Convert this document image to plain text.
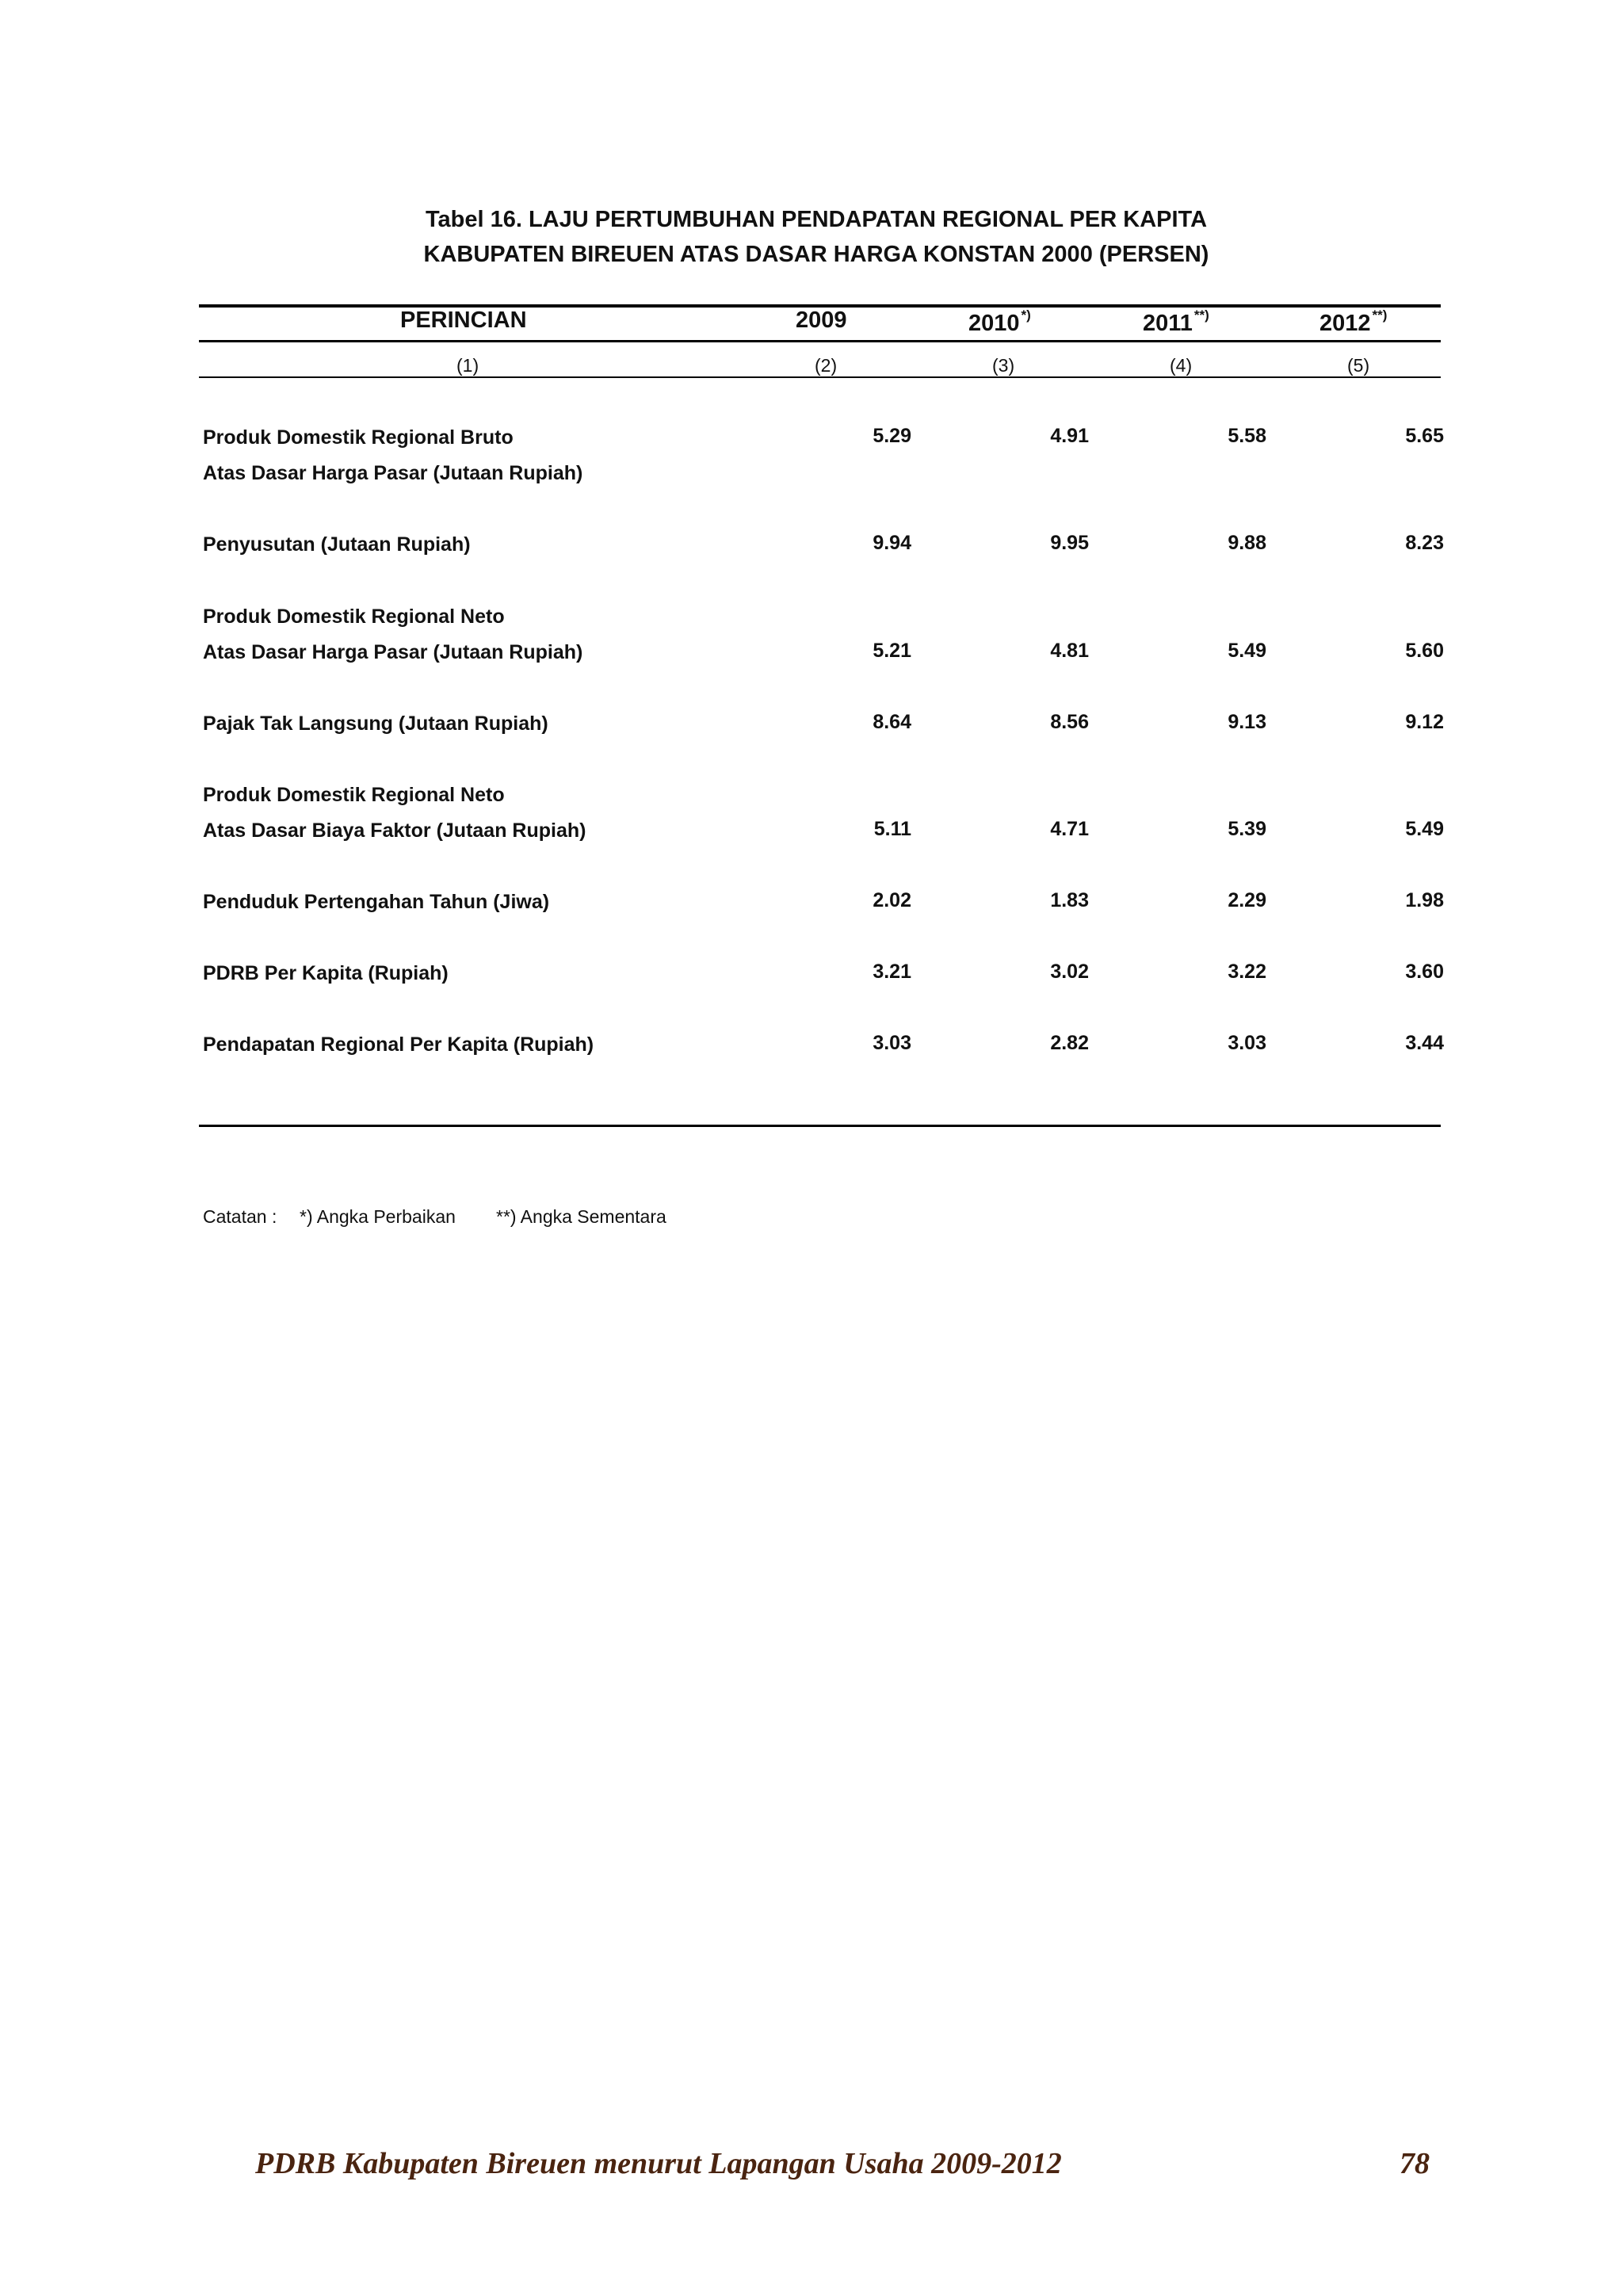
Tabel 16. LAJU PERTUMBUHAN PENDAPATAN REGIONAL PER KAPITA
KABUPATEN BIREUEN ATAS DASAR HARGA KONSTAN 2000 (PERSEN)
PERINCIAN	2009	2010 *)	2011 **)	2012 **)
(1)	(2)	(3)	(4)	(5)
Produk Domestik Regional Bruto
Atas Dasar Harga Pasar (Jutaan Rupiah)
5.29	4.91	5.58	5.65
Penyusutan (Jutaan Rupiah)	9.94	9.95	9.88	8.23
Produk Domestik Regional Neto
Atas Dasar Harga Pasar (Jutaan Rupiah)	5.21	4.81	5.49	5.60
Pajak Tak Langsung (Jutaan Rupiah)	8.64	8.56	9.13	9.12
Produk Domestik Regional Neto
Atas Dasar Biaya Faktor (Jutaan Rupiah)	5.11	4.71	5.39	5.49
Penduduk Pertengahan Tahun (Jiwa)	2.02	1.83	2.29	1.98
PDRB Per Kapita (Rupiah)	3.21	3.02	3.22	3.60
Pendapatan Regional Per Kapita (Rupiah)	3.03	2.82	3.03	3.44
Catatan : *) Angka Perbaikan **) Angka Sementara
PDRB Kabupaten Bireuen menurut Lapangan Usaha 2009-2012	78
